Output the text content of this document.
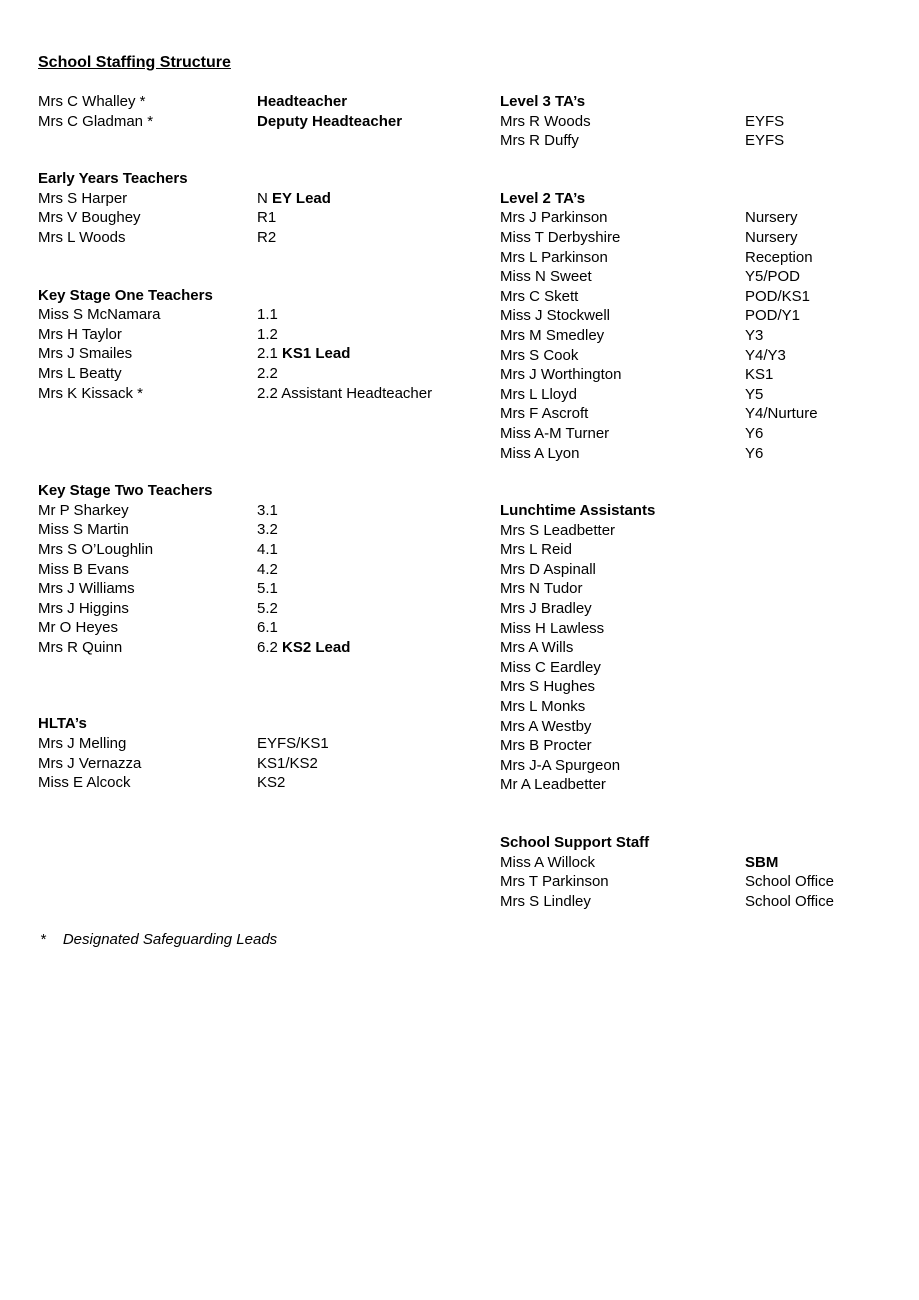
School Staffing Structure
Mrs C Whalley *	Headteacher
Mrs C Gladman *	Deputy Headteacher
Early Years Teachers
Mrs S Harper	N EY Lead
Mrs V Boughey	R1
Mrs L Woods	R2
Key Stage One Teachers
Miss S McNamara	1.1
Mrs H Taylor	1.2
Mrs J Smailes	2.1 KS1 Lead
Mrs L Beatty	2.2
Mrs K Kissack *	2.2 Assistant Headteacher
Key Stage Two Teachers
Mr P Sharkey	3.1
Miss S Martin	3.2
Mrs S O’Loughlin	4.1
Miss B Evans	4.2
Mrs J Williams	5.1
Mrs J Higgins	5.2
Mr O Heyes	6.1
Mrs R Quinn	6.2 KS2 Lead
HLTA’s
Mrs J Melling	EYFS/KS1
Mrs J Vernazza	KS1/KS2
Miss E Alcock	KS2
Level 3 TA’s
Mrs R Woods	EYFS
Mrs R Duffy	EYFS
Level 2 TA’s
Mrs J Parkinson	Nursery
Miss T Derbyshire	Nursery
Mrs L Parkinson	Reception
Miss N Sweet	Y5/POD
Mrs C Skett	POD/KS1
Miss J Stockwell	POD/Y1
Mrs M Smedley	Y3
Mrs S Cook	Y4/Y3
Mrs J Worthington	KS1
Mrs L Lloyd	Y5
Mrs F Ascroft	Y4/Nurture
Miss A-M Turner	Y6
Miss A Lyon	Y6
Lunchtime Assistants
Mrs S Leadbetter
Mrs L Reid
Mrs D Aspinall
Mrs N Tudor
Mrs J Bradley
Miss H Lawless
Mrs A Wills
Miss C Eardley
Mrs S Hughes
Mrs L Monks
Mrs A Westby
Mrs B Procter
Mrs J-A Spurgeon
Mr A Leadbetter
School Support Staff
Miss A Willock	SBM
Mrs T Parkinson	School Office
Mrs S Lindley	School Office

* Designated Safeguarding Leads
